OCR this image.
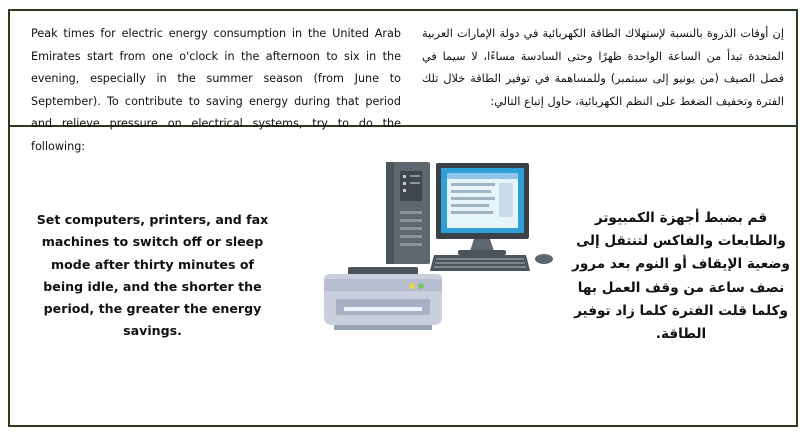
Peak times for electric energy consumption in the United Arab Emirates start from one o'clock in the afternoon to six in the evening, especially in the summer season (from June to September). To contribute to saving energy during that period and relieve pressure on electrical systems, try to do the following:

إن أوقات الذروة بالنسبة لإستهلاك الطاقة الكهربائية في دولة الإمارات العربية المتحدة تبدأ من الساعة الواحدة ظهرًا وحتى السادسة مساءًا، لا سيما في فصل الصيف (من يونيو إلى سبتمبر) وللمساهمة في توفير الطاقة خلال تلك الفترة وتخفيف الضغط على النظم الكهربائية، حاول إتباع التالي:

Set computers, printers, and fax machines to switch off or sleep mode after thirty minutes of being idle, and the shorter the period, the greater the energy savings.

قم بضبط أجهزة الكمبيوتر والطابعات والفاكس لتنتقل إلى وضعية الإيقاف أو النوم بعد مرور نصف ساعة من وقف العمل بها وكلما قلت الفترة كلما زاد توفير الطاقة.
